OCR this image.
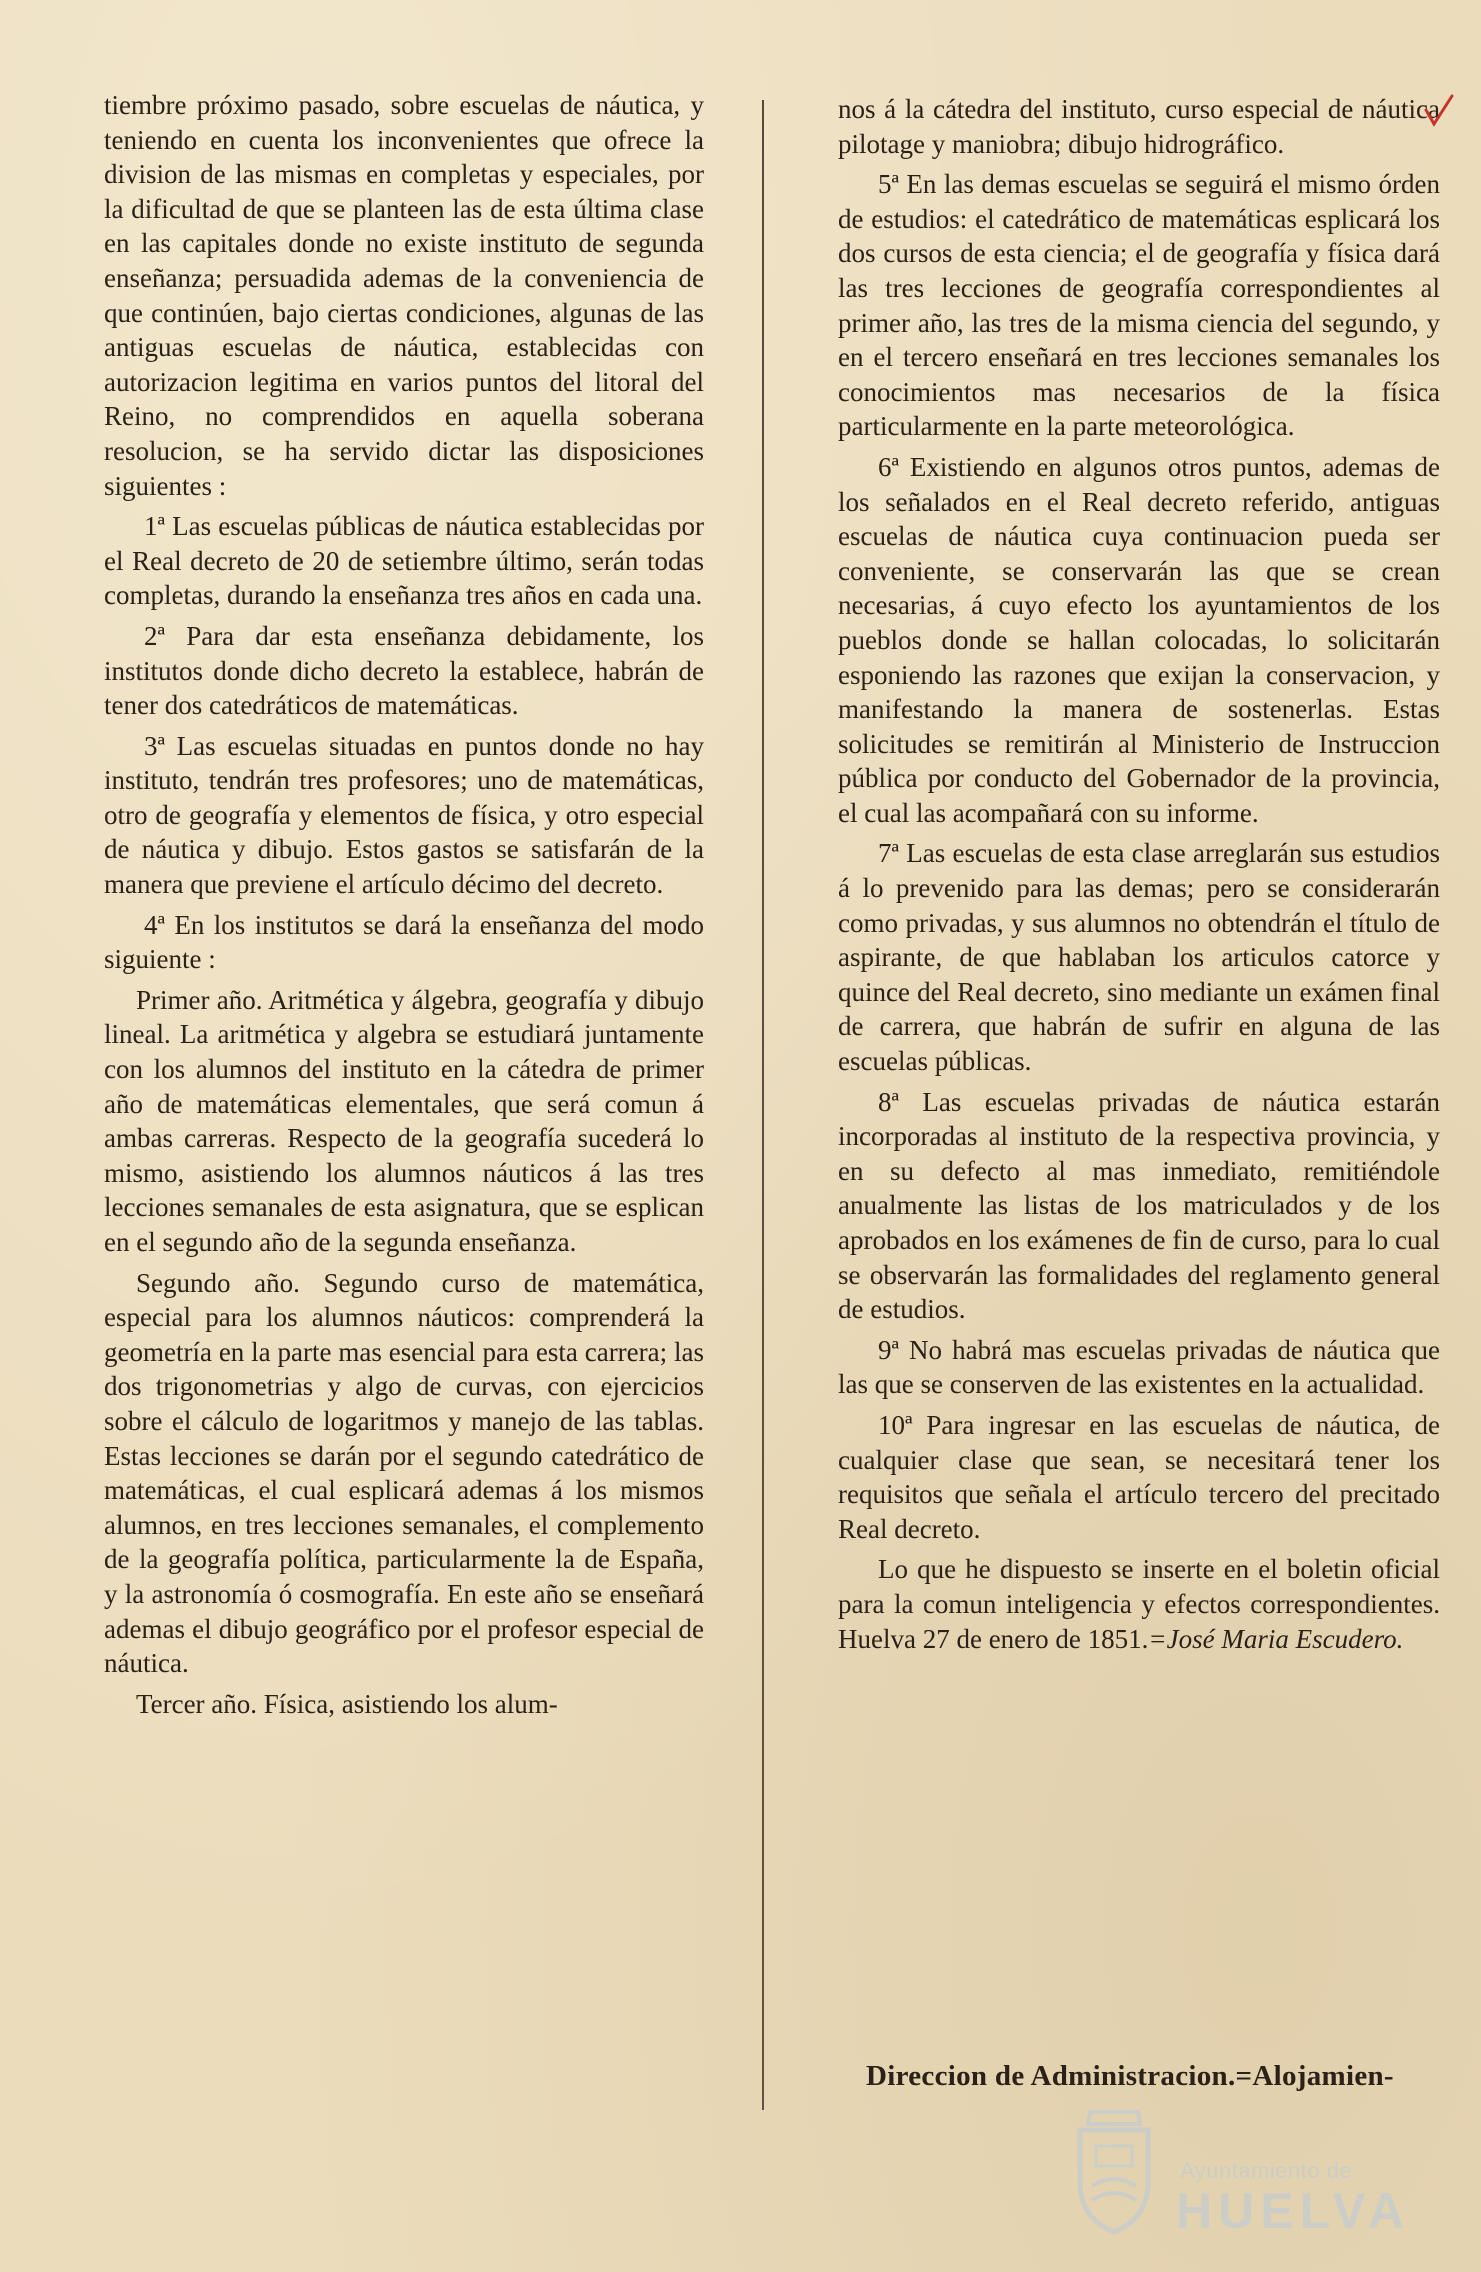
tiembre próximo pasado, sobre escuelas de náutica, y teniendo en cuenta los inconvenientes que ofrece la division de las mismas en completas y especiales, por la dificultad de que se planteen las de esta última clase en las capitales donde no existe instituto de segunda enseñanza; persuadida ademas de la conveniencia de que continúen, bajo ciertas condiciones, algunas de las antiguas escuelas de náutica, establecidas con autorizacion legitima en varios puntos del litoral del Reino, no comprendidos en aquella soberana resolucion, se ha servido dictar las disposiciones siguientes :

1ª Las escuelas públicas de náutica establecidas por el Real decreto de 20 de setiembre último, serán todas completas, durando la enseñanza tres años en cada una.

2ª Para dar esta enseñanza debidamente, los institutos donde dicho decreto la establece, habrán de tener dos catedráticos de matemáticas.

3ª Las escuelas situadas en puntos donde no hay instituto, tendrán tres profesores; uno de matemáticas, otro de geografía y elementos de física, y otro especial de náutica y dibujo. Estos gastos se satisfarán de la manera que previene el artículo décimo del decreto.

4ª En los institutos se dará la enseñanza del modo siguiente :

Primer año. Aritmética y álgebra, geografía y dibujo lineal. La aritmética y algebra se estudiará juntamente con los alumnos del instituto en la cátedra de primer año de matemáticas elementales, que será comun á ambas carreras. Respecto de la geografía sucederá lo mismo, asistiendo los alumnos náuticos á las tres lecciones semanales de esta asignatura, que se esplican en el segundo año de la segunda enseñanza.

Segundo año. Segundo curso de matemática, especial para los alumnos náuticos: comprenderá la geometría en la parte mas esencial para esta carrera; las dos trigonometrias y algo de curvas, con ejercicios sobre el cálculo de logaritmos y manejo de las tablas. Estas lecciones se darán por el segundo catedrático de matemáticas, el cual esplicará ademas á los mismos alumnos, en tres lecciones semanales, el complemento de la geografía política, particularmente la de España, y la astronomía ó cosmografía. En este año se enseñará ademas el dibujo geográfico por el profesor especial de náutica.

Tercer año. Física, asistiendo los alum-

nos á la cátedra del instituto, curso especial de náutica pilotage y maniobra; dibujo hidrográfico.

5ª En las demas escuelas se seguirá el mismo órden de estudios: el catedrático de matemáticas esplicará los dos cursos de esta ciencia; el de geografía y física dará las tres lecciones de geografía correspondientes al primer año, las tres de la misma ciencia del segundo, y en el tercero enseñará en tres lecciones semanales los conocimientos mas necesarios de la física particularmente en la parte meteorológica.

6ª Existiendo en algunos otros puntos, ademas de los señalados en el Real decreto referido, antiguas escuelas de náutica cuya continuacion pueda ser conveniente, se conservarán las que se crean necesarias, á cuyo efecto los ayuntamientos de los pueblos donde se hallan colocadas, lo solicitarán esponiendo las razones que exijan la conservacion, y manifestando la manera de sostenerlas. Estas solicitudes se remitirán al Ministerio de Instruccion pública por conducto del Gobernador de la provincia, el cual las acompañará con su informe.

7ª Las escuelas de esta clase arreglarán sus estudios á lo prevenido para las demas; pero se considerarán como privadas, y sus alumnos no obtendrán el título de aspirante, de que hablaban los articulos catorce y quince del Real decreto, sino mediante un exámen final de carrera, que habrán de sufrir en alguna de las escuelas públicas.

8ª Las escuelas privadas de náutica estarán incorporadas al instituto de la respectiva provincia, y en su defecto al mas inmediato, remitiéndole anualmente las listas de los matriculados y de los aprobados en los exámenes de fin de curso, para lo cual se observarán las formalidades del reglamento general de estudios.

9ª No habrá mas escuelas privadas de náutica que las que se conserven de las existentes en la actualidad.

10ª Para ingresar en las escuelas de náutica, de cualquier clase que sean, se necesitará tener los requisitos que señala el artículo tercero del precitado Real decreto.

Lo que he dispuesto se inserte en el boletin oficial para la comun inteligencia y efectos correspondientes. Huelva 27 de enero de 1851.=José Maria Escudero.

Direccion de Administracion.=Alojamien-
Ayuntamiento de
HUELVA
